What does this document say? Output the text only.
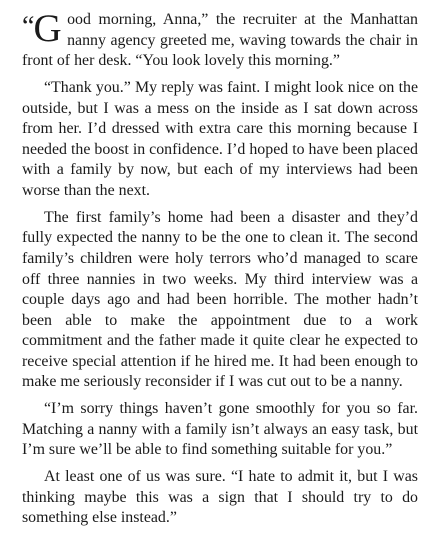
“G ood morning, Anna,” the recruiter at the Manhattan nanny agency greeted me, waving towards the chair in front of her desk. “You look lovely this morning.”

“Thank you.” My reply was faint. I might look nice on the outside, but I was a mess on the inside as I sat down across from her. I’d dressed with extra care this morning because I needed the boost in confidence. I’d hoped to have been placed with a family by now, but each of my interviews had been worse than the next.

The first family’s home had been a disaster and they’d fully expected the nanny to be the one to clean it. The second family’s children were holy terrors who’d managed to scare off three nannies in two weeks. My third interview was a couple days ago and had been horrible. The mother hadn’t been able to make the appointment due to a work commitment and the father made it quite clear he expected to receive special attention if he hired me. It had been enough to make me seriously reconsider if I was cut out to be a nanny.

“I’m sorry things haven’t gone smoothly for you so far. Matching a nanny with a family isn’t always an easy task, but I’m sure we’ll be able to find something suitable for you.”

At least one of us was sure. “I hate to admit it, but I was thinking maybe this was a sign that I should try to do something else instead.”
